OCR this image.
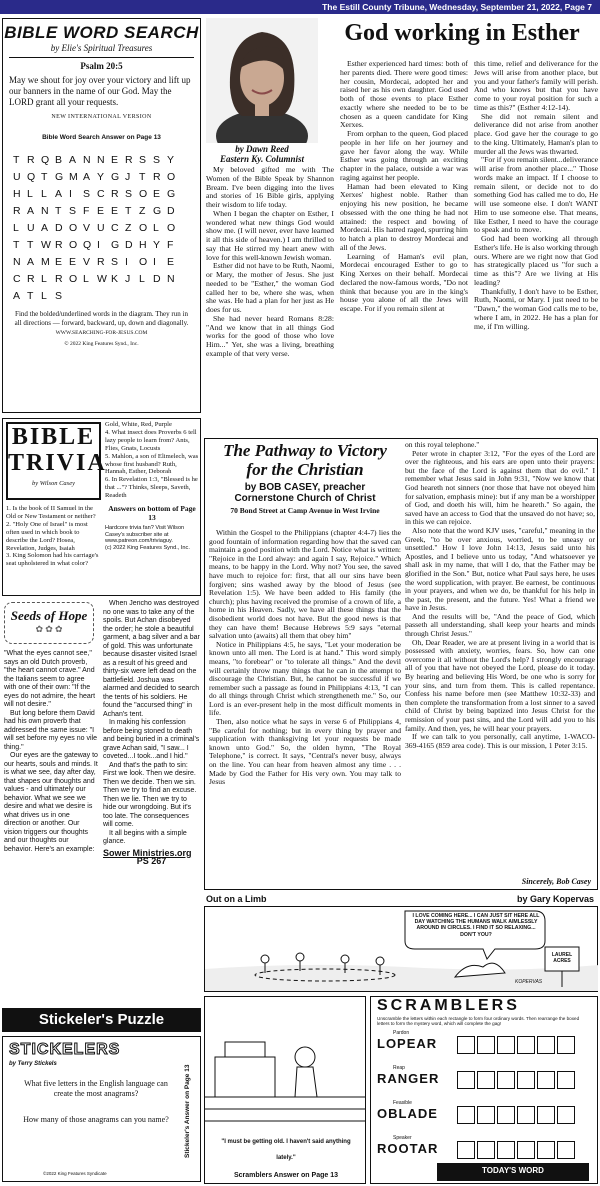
The Estill County Tribune, Wednesday, September 21, 2022, Page 7
BIBLE WORD SEARCH
by Elie's Spiritual Treasures
Psalm 20:5
May we shout for joy over your victory and lift up our banners in the name of our God. May the LORD grant all your requests.
NEW INTERNATIONAL VERSION
Bible Word Search Answer on Page 13
T R Q B A N N E R S S Y
U Q T G M A Y G J T R O
H L L A I	S C R S O E G
R A N T S F E E T Z G D
L U A D O V U C Z O L O
T T W R O Q I	G D H Y F
N A M E E V R S I	O I	E
C R L R O L W K J L D N
A T L S
Find the bolded/underlined words in the diagram. They run in all directions — forward, backward, up, down and diagonally.
WWW.SEARCHING-FOR-JESUS.COM
© 2022 King Features Synd., Inc.
BIBLE
TRIVIA
by Wilson Casey

1. Is the book of II Samuel in the Old or New Testament or neither?

2. "Holy One of Israel" is most often used in which book to describe the Lord? Hosea, Revelation, Judges, Isaiah

3. King Solomon had his carriage's seat upholstered in what color?

Gold, White, Red, Purple

4. What insect does Proverbs 6 tell lazy people to learn from? Ants, Flies, Gnats, Locusts

5. Mahlon, a son of Elimelech, was whose first husband? Ruth, Hannah, Esther, Deborah

6. In Revelation 1:3, "Blessed is he that ..."? Thinks, Sleeps, Saveth, Readeth

Answers on bottom of Page 13

Hardcore trivia fan? Visit Wilson Casey's subscriber site at www.patreon.com/triviaguy.

(c) 2022 King Features Synd., Inc.

Seeds of Hope
✿ ✿ ✿

"What the eyes cannot see," says an old Dutch proverb, "the heart cannot crave." And the Italians seem to agree with one of their own: "If the eyes do not admire, the heart will not desire."

But long before them David had his own proverb that addressed the same issue: "I will set before my eyes no vile thing."

Our eyes are the gateway to our hearts, souls and minds. It is what we see, day after day, that shapes our thoughts and values - and ultimately our behavior. What we see we desire and what we desire is what drives us in one direction or another. Our vision triggers our thoughts and our thoughts our behavior. Here's an example:

When Jericho was destroyed no one was to take any of the spoils. But Achan disobeyed the order; he stole a beautiful garment, a bag silver and a bar of gold. This was unfortunate because disaster visited Israel as a result of his greed and thirty-six were left dead on the battlefield. Joshua was alarmed and decided to search the tents of his soldiers. He found the "accursed thing" in Achan's tent.

In making his confession before being stoned to death and being buried in a criminal's grave Achan said, "I saw... I coveted...I took...and I hid."

And that's the path to sin: First we look. Then we desire. Then we decide. Then we sin. Then we try to find an excuse. Then we lie. Then we try to hide our wrongdoing. But it's too late. The consequences will come.

It all begins with a simple glance.

Sower Ministries.org

PS 267

Stickeler's Puzzle
STICKELERS
by Terry Stickels
What five letters in the English language can create the most anagrams?
How many of those anagrams can you name?
©2022 King Features Syndicate
Stickeler's Answer on Page 13
by Dawn Reed
Eastern Ky. Columnist
God working in Esther

My beloved gifted me with The Women of the Bible Speak by Shannon Bream. I've been digging into the lives and stories of 16 Bible girls, applying their wisdom to life today.

When I began the chapter on Esther, I wondered what new things God would show me. (I will never, ever have learned it all this side of heaven.) I am thrilled to say that He stirred my heart anew with love for this well-known Jewish woman.

Esther did not have to be Ruth, Naomi, or Mary, the mother of Jesus. She just needed to be "Esther," the woman God called her to be, where she was, when she was. He had a plan for her just as He does for us.

She had never heard Romans 8:28: "And we know that in all things God works for the good of those who love Him..." Yet, she was a living, breathing example of that very verse.

Esther experienced hard times: both of her parents died. There were good times: her cousin, Mordecai, adopted her and raised her as his own daughter. God used both of those events to place Esther exactly where she needed to be to be chosen as a queen candidate for King Xerxes.

From orphan to the queen, God placed people in her life on her journey and gave her favor along the way. While Esther was going through an exciting chapter in the palace, outside a war was raging against her people.

Haman had been elevated to King Xerxes' highest noble. Rather than enjoying his new position, he became obsessed with the one thing he had not attained: the respect and bowing of Mordecai. His hatred raged, spurring him to hatch a plan to destroy Mordecai and all of the Jews.

Learning of Haman's evil plan, Mordecai encouraged Esther to go to King Xerxes on their behalf. Mordecai declared the now-famous words, "Do not think that because you are in the king's house you alone of all the Jews will escape. For if you remain silent at

this time, relief and deliverance for the Jews will arise from another place, but you and your father's family will perish. And who knows but that you have come to your royal position for such a time as this?" (Esther 4:12-14).

She did not remain silent and deliverance did not arise from another place. God gave her the courage to go to the king. Ultimately, Haman's plan to murder all the Jews was thwarted.

"For if you remain silent...deliverance will arise from another place..." Those words make an impact. If I choose to remain silent, or decide not to do something God has called me to do, He will use someone else. I don't WANT Him to use someone else. That means, like Esther, I need to have the courage to speak and to move.

God had been working all through Esther's life. He is also working through ours. Where are we right now that God has strategically placed us "for such a time as this"? Are we living at His leading?

Thankfully, I don't have to be Esther, Ruth, Naomi, or Mary. I just need to be "Dawn," the woman God calls me to be, where I am, in 2022. He has a plan for me, if I'm willing.

The Pathway to Victory
for the Christian
by BOB CASEY, preacher
Cornerstone Church of Christ
70 Bond Street at Camp Avenue in West Irvine

Within the Gospel to the Philippians (chapter 4:4-7) lies the good fountain of information regarding how that the saved can maintain a good position with the Lord. Notice what is written: "Rejoice in the Lord alway: and again I say, Rejoice." Which means, to be happy in the Lord. Why not? You see, the saved have much to rejoice for: first, that all our sins have been forgiven; sins washed away by the blood of Jesus (see Revelation 1:5). We have been added to His family (the church); plus having received the promise of a crown of life, a home in his Heaven. Sadly, we have all these things that the disobedient world does not have. But the good news is that they can have them! Because Hebrews 5:9 says "eternal salvation unto (awaits) all them that obey him"

Notice in Philippians 4:5, he says, "Let your moderation be known unto all men. The Lord is at hand." This word simply means, "to forebear" or "to tolerate all things." And the devil will certainly throw many things that he can in the attempt to discourage the Christian. But, he cannot be successful if we remember such a passage as found in Philippians 4:13, "I can do all things through Christ which strengtheneth me." So, our Lord is an ever-present help in the most difficult moments in life.

Then, also notice what he says in verse 6 of Philippians 4, "Be careful for nothing; but in every thing by prayer and supplication with thanksgiving let your requests be made known unto God." So, the olden hymn, "The Royal Telephone," is correct. It says, "Central's never busy, always on the line. You can hear from heaven almost any time . . . Made by God the Father for His very own. You may talk to Jesus

on this royal telephone."

Peter wrote in chapter 3:12, "For the eyes of the Lord are over the righteous, and his ears are open unto their prayers: but the face of the Lord is against them that do evil." I remember what Jesus said in John 9:31, "Now we know that God heareth not sinners (nor those that have not obeyed him for salvation, emphasis mine): but if any man be a worshipper of God, and doeth his will, him he heareth." So again, the saved have an access to God that the unsaved do not have; so, in this we can rejoice.

Also note that the word KJV uses, "careful," meaning in the Greek, "to be over anxious, worried, to be uneasy or unsettled." How I love John 14:13, Jesus said unto his Apostles, and I believe unto us today, "And whatsoever ye shall ask in my name, that will I do, that the Father may be glorified in the Son." But, notice what Paul says here, he uses the word supplication, with prayer. Be earnest, be continuous in your prayers, and when we do, be thankful for his help in the past, the present, and the future. Yes! What a friend we have in Jesus.

And the results will be, "And the peace of God, which passeth all understanding, shall keep your hearts and minds through Christ Jesus."

Oh, Dear Reader, we are at present living in a world that is possessed with anxiety, worries, fears. So, how can one overcome it all without the Lord's help? I strongly encourage all of you that have not obeyed the Lord, please do it today. By hearing and believing His Word, be one who is sorry for your sins, and turn from them. This is called repentance. Confess his name before men (see Matthew 10:32-33) and then complete the transformation from a lost sinner to a saved child of Christ by being baptized into Jesus Christ for the remission of your past sins, and the Lord will add you to his family. And then, yes, he will hear your prayers.

If we can talk to you personally, call anytime, 1-WACO-369-4165 (859 area code). This is our mission, 1 Peter 3:15.

Sincerely, Bob Casey
Out on a Limb	by Gary Kopervas
I LOVE COMING HERE... I CAN JUST SIT HERE ALL DAY WATCHING THE HUMANS WALK AIMLESSLY AROUND IN CIRCLES. I FIND IT SO RELAXING... DON'T YOU?
LAUREL ACRES
KOPERVAS
"I must be getting old. I haven't said anything
lately."
Scramblers Answer on Page 13
SCRAMBLERS
Unscramble the letters within each rectangle to form four ordinary words. Then rearrange the boxed letters to form the mystery word, which will complete the gag!
Pardon
LOPEAR
Reap
RANGER
Feasible
OBLADE
Speaker
ROOTAR
TODAY'S WORD
